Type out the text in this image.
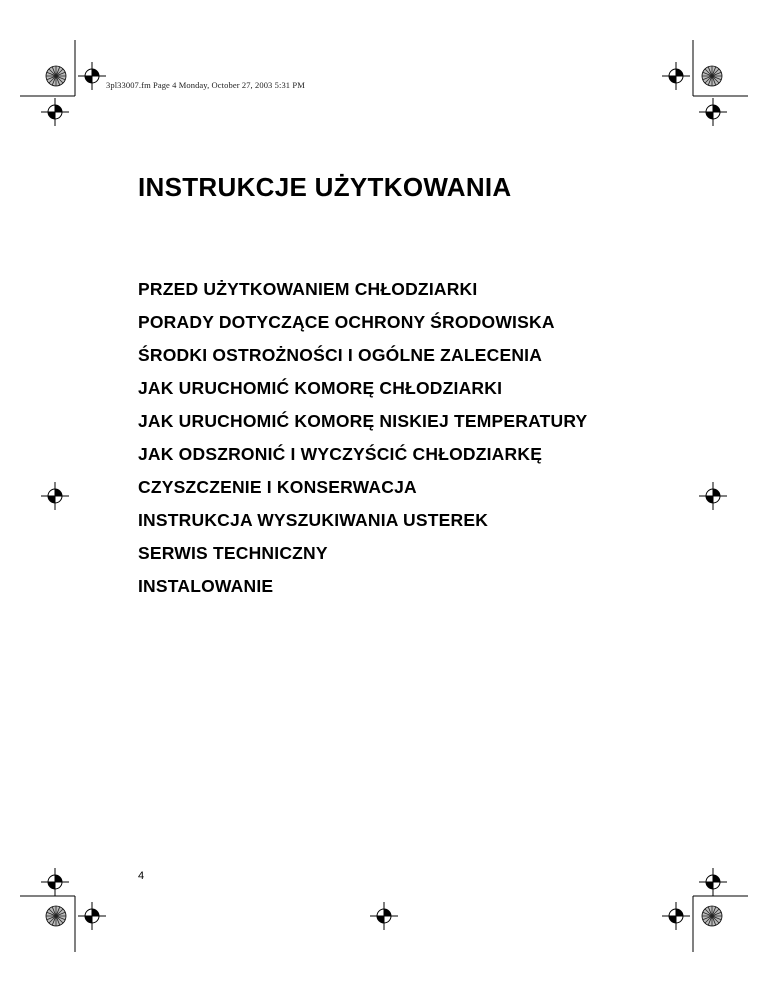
3pl33007.fm Page 4 Monday, October 27, 2003 5:31 PM
INSTRUKCJE UŻYTKOWANIA
PRZED UŻYTKOWANIEM CHŁODZIARKI
PORADY DOTYCZĄCE OCHRONY ŚRODOWISKA
ŚRODKI OSTROŻNOŚCI I OGÓLNE ZALECENIA
JAK URUCHOMIĆ KOMORĘ CHŁODZIARKI
JAK URUCHOMIĆ KOMORĘ NISKIEJ TEMPERATURY
JAK ODSZRONIĆ I WYCZYŚCIĆ CHŁODZIARKĘ
CZYSZCZENIE I KONSERWACJA
INSTRUKCJA WYSZUKIWANIA USTEREK
SERWIS TECHNICZNY
INSTALOWANIE
4
